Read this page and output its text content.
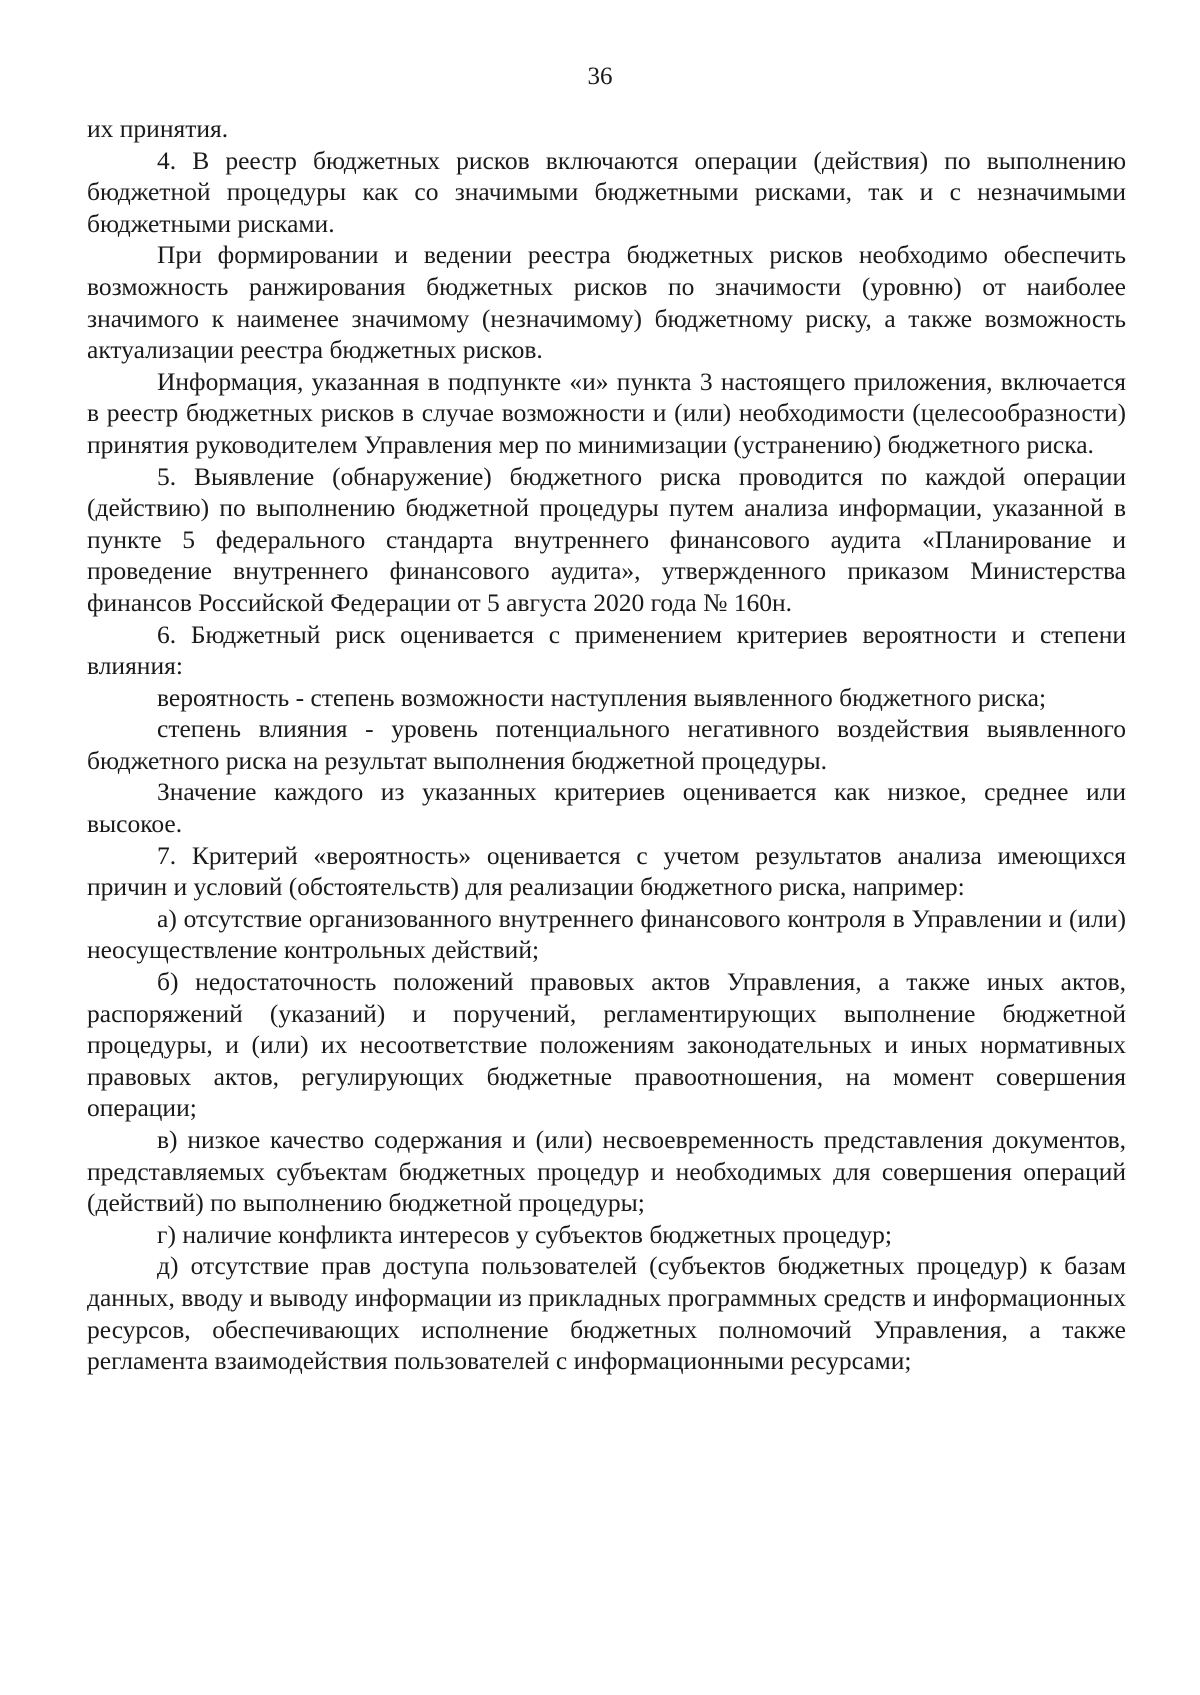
36

их принятия.

4. В реестр бюджетных рисков включаются операции (действия) по выполнению бюджетной процедуры как со значимыми бюджетными рисками, так и с незначимыми бюджетными рисками.

При формировании и ведении реестра бюджетных рисков необходимо обеспечить возможность ранжирования бюджетных рисков по значимости (уровню) от наиболее значимого к наименее значимому (незначимому) бюджетному риску, а также возможность актуализации реестра бюджетных рисков.

Информация, указанная в подпункте «и» пункта 3 настоящего приложения, включается в реестр бюджетных рисков в случае возможности и (или) необходимости (целесообразности) принятия руководителем Управления мер по минимизации (устранению) бюджетного риска.

5. Выявление (обнаружение) бюджетного риска проводится по каждой операции (действию) по выполнению бюджетной процедуры путем анализа информации, указанной в пункте 5 федерального стандарта внутреннего финансового аудита «Планирование и проведение внутреннего финансового аудита», утвержденного приказом Министерства финансов Российской Федерации от 5 августа 2020 года № 160н.

6. Бюджетный риск оценивается с применением критериев вероятности и степени влияния:

вероятность - степень возможности наступления выявленного бюджетного риска;

степень влияния - уровень потенциального негативного воздействия выявленного бюджетного риска на результат выполнения бюджетной процедуры.

Значение каждого из указанных критериев оценивается как низкое, среднее или высокое.

7. Критерий «вероятность» оценивается с учетом результатов анализа имеющихся причин и условий (обстоятельств) для реализации бюджетного риска, например:

а) отсутствие организованного внутреннего финансового контроля в Управлении и (или) неосуществление контрольных действий;

б) недостаточность положений правовых актов Управления, а также иных актов, распоряжений (указаний) и поручений, регламентирующих выполнение бюджетной процедуры, и (или) их несоответствие положениям законодательных и иных нормативных правовых актов, регулирующих бюджетные правоотношения, на момент совершения операции;

в) низкое качество содержания и (или) несвоевременность представления документов, представляемых субъектам бюджетных процедур и необходимых для совершения операций (действий) по выполнению бюджетной процедуры;

г) наличие конфликта интересов у субъектов бюджетных процедур;

д) отсутствие прав доступа пользователей (субъектов бюджетных процедур) к базам данных, вводу и выводу информации из прикладных программных средств и информационных ресурсов, обеспечивающих исполнение бюджетных полномочий Управления, а также регламента взаимодействия пользователей с информационными ресурсами;
